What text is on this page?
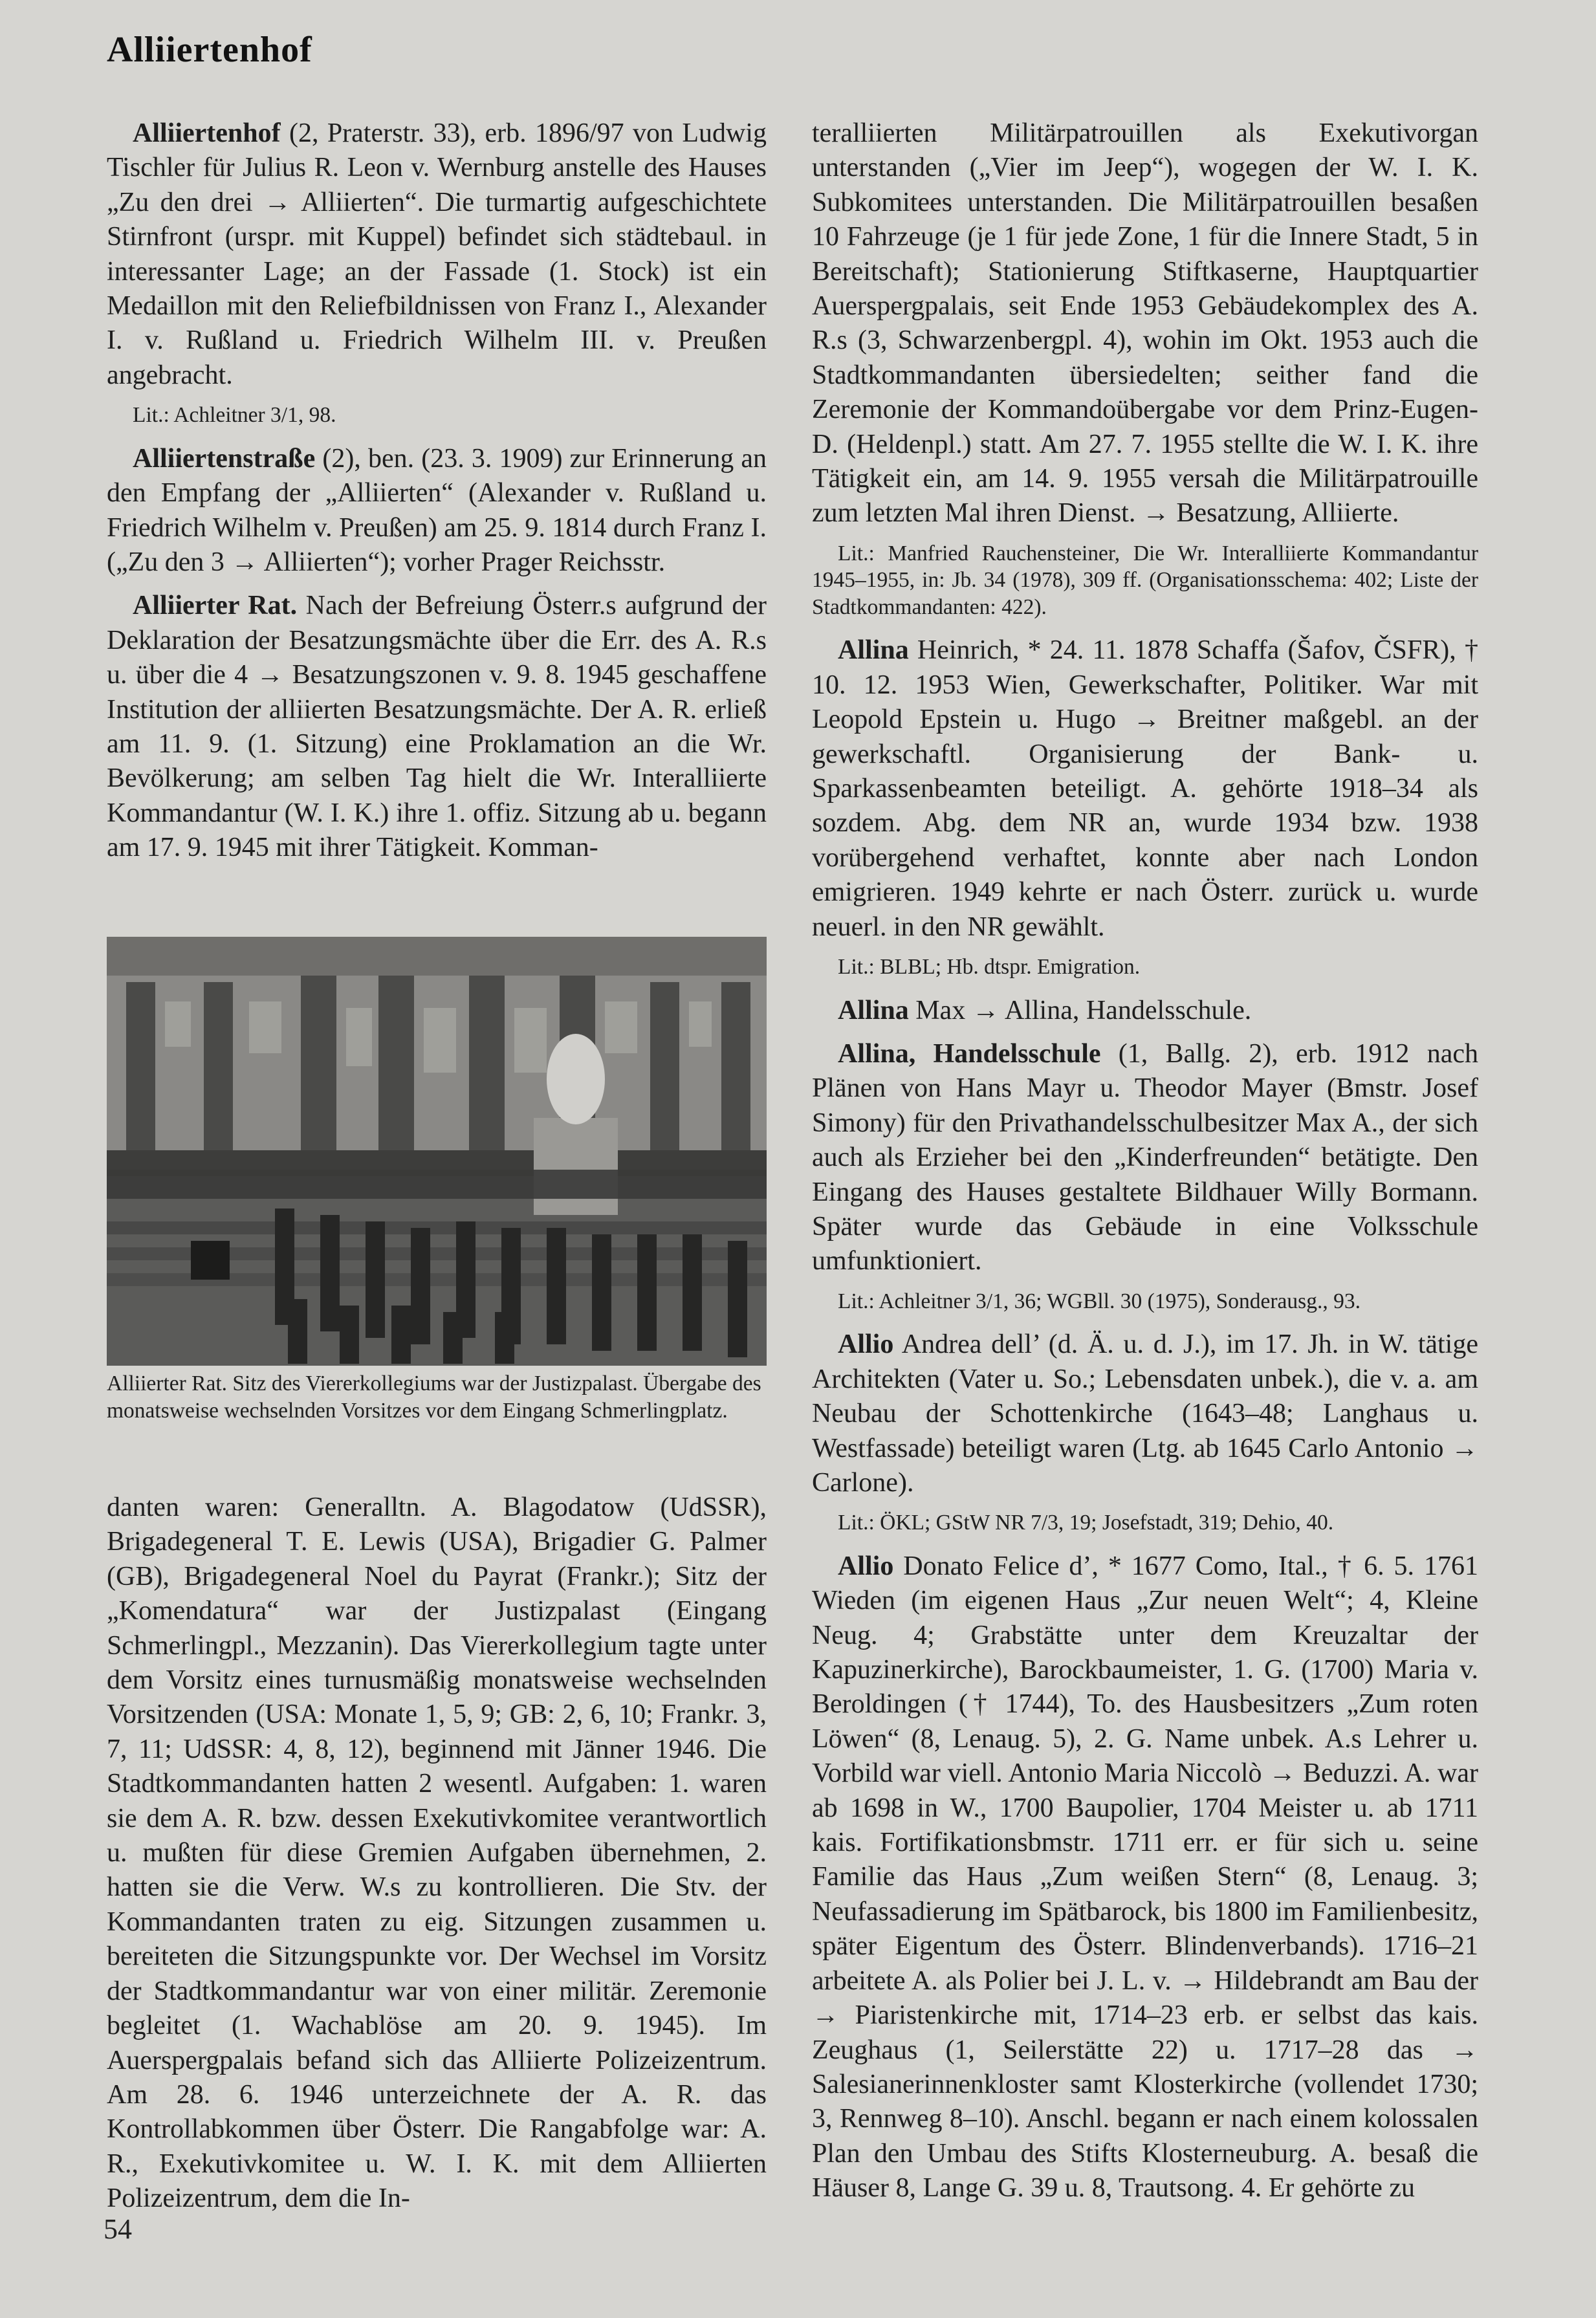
Alliiertenhof

Alliiertenhof (2, Praterstr. 33), erb. 1896/97 von Ludwig Tischler für Julius R. Leon v. Wernburg anstelle des Hauses „Zu den drei → Alliierten“. Die turmartig aufgeschichtete Stirnfront (urspr. mit Kuppel) befindet sich städtebaul. in interessanter Lage; an der Fassade (1. Stock) ist ein Medaillon mit den Reliefbildnissen von Franz I., Alexander I. v. Rußland u. Friedrich Wilhelm III. v. Preußen angebracht.

Lit.: Achleitner 3/1, 98.

Alliiertenstraße (2), ben. (23. 3. 1909) zur Erinnerung an den Empfang der „Alliierten“ (Alexander v. Rußland u. Friedrich Wilhelm v. Preußen) am 25. 9. 1814 durch Franz I. („Zu den 3 → Alliierten“); vorher Prager Reichsstr.

Alliierter Rat. Nach der Befreiung Österr.s aufgrund der Deklaration der Besatzungsmächte über die Err. des A. R.s u. über die 4 → Besatzungszonen v. 9. 8. 1945 geschaffene Institution der alliierten Besatzungsmächte. Der A. R. erließ am 11. 9. (1. Sitzung) eine Proklamation an die Wr. Bevölkerung; am selben Tag hielt die Wr. Interalliierte Kommandantur (W. I. K.) ihre 1. offiz. Sitzung ab u. begann am 17. 9. 1945 mit ihrer Tätigkeit. Komman-

Alliierter Rat. Sitz des Viererkollegiums war der Justizpalast. Übergabe des monatsweise wechselnden Vorsitzes vor dem Eingang Schmerlingplatz.

danten waren: Generalltn. A. Blagodatow (UdSSR), Brigadegeneral T. E. Lewis (USA), Brigadier G. Palmer (GB), Brigadegeneral Noel du Payrat (Frankr.); Sitz der „Komendatura“ war der Justizpalast (Eingang Schmerlingpl., Mezzanin). Das Viererkollegium tagte unter dem Vorsitz eines turnusmäßig monatsweise wechselnden Vorsitzenden (USA: Monate 1, 5, 9; GB: 2, 6, 10; Frankr. 3, 7, 11; UdSSR: 4, 8, 12), beginnend mit Jänner 1946. Die Stadtkommandanten hatten 2 wesentl. Aufgaben: 1. waren sie dem A. R. bzw. dessen Exekutivkomitee verantwortlich u. mußten für diese Gremien Aufgaben übernehmen, 2. hatten sie die Verw. W.s zu kontrollieren. Die Stv. der Kommandanten traten zu eig. Sitzungen zusammen u. bereiteten die Sitzungspunkte vor. Der Wechsel im Vorsitz der Stadtkommandantur war von einer militär. Zeremonie begleitet (1. Wachablöse am 20. 9. 1945). Im Auerspergpalais befand sich das Alliierte Polizeizentrum. Am 28. 6. 1946 unterzeichnete der A. R. das Kontrollabkommen über Österr. Die Rangabfolge war: A. R., Exekutivkomitee u. W. I. K. mit dem Alliierten Polizeizentrum, dem die In-

teralliierten Militärpatrouillen als Exekutivorgan unterstanden („Vier im Jeep“), wogegen der W. I. K. Subkomitees unterstanden. Die Militärpatrouillen besaßen 10 Fahrzeuge (je 1 für jede Zone, 1 für die Innere Stadt, 5 in Bereitschaft); Stationierung Stiftkaserne, Hauptquartier Auerspergpalais, seit Ende 1953 Gebäudekomplex des A. R.s (3, Schwarzenbergpl. 4), wohin im Okt. 1953 auch die Stadtkommandanten übersiedelten; seither fand die Zeremonie der Kommandoübergabe vor dem Prinz-Eugen-D. (Heldenpl.) statt. Am 27. 7. 1955 stellte die W. I. K. ihre Tätigkeit ein, am 14. 9. 1955 versah die Militärpatrouille zum letzten Mal ihren Dienst. → Besatzung, Alliierte.

Lit.: Manfried Rauchensteiner, Die Wr. Interalliierte Kommandantur 1945–1955, in: Jb. 34 (1978), 309 ff. (Organisationsschema: 402; Liste der Stadtkommandanten: 422).

Allina Heinrich, * 24. 11. 1878 Schaffa (Šafov, ČSFR), † 10. 12. 1953 Wien, Gewerkschafter, Politiker. War mit Leopold Epstein u. Hugo → Breitner maßgebl. an der gewerkschaftl. Organisierung der Bank- u. Sparkassenbeamten beteiligt. A. gehörte 1918–34 als sozdem. Abg. dem NR an, wurde 1934 bzw. 1938 vorübergehend verhaftet, konnte aber nach London emigrieren. 1949 kehrte er nach Österr. zurück u. wurde neuerl. in den NR gewählt.

Lit.: BLBL; Hb. dtspr. Emigration.

Allina Max → Allina, Handelsschule.

Allina, Handelsschule (1, Ballg. 2), erb. 1912 nach Plänen von Hans Mayr u. Theodor Mayer (Bmstr. Josef Simony) für den Privathandelsschulbesitzer Max A., der sich auch als Erzieher bei den „Kinderfreunden“ betätigte. Den Eingang des Hauses gestaltete Bildhauer Willy Bormann. Später wurde das Gebäude in eine Volksschule umfunktioniert.

Lit.: Achleitner 3/1, 36; WGBll. 30 (1975), Sonderausg., 93.

Allio Andrea dell’ (d. Ä. u. d. J.), im 17. Jh. in W. tätige Architekten (Vater u. So.; Lebensdaten unbek.), die v. a. am Neubau der Schottenkirche (1643–48; Langhaus u. Westfassade) beteiligt waren (Ltg. ab 1645 Carlo Antonio → Carlone).

Lit.: ÖKL; GStW NR 7/3, 19; Josefstadt, 319; Dehio, 40.

Allio Donato Felice d’, * 1677 Como, Ital., † 6. 5. 1761 Wieden (im eigenen Haus „Zur neuen Welt“; 4, Kleine Neug. 4; Grabstätte unter dem Kreuzaltar der Kapuzinerkirche), Barockbaumeister, 1. G. (1700) Maria v. Beroldingen († 1744), To. des Hausbesitzers „Zum roten Löwen“ (8, Lenaug. 5), 2. G. Name unbek. A.s Lehrer u. Vorbild war viell. Antonio Maria Niccolò → Beduzzi. A. war ab 1698 in W., 1700 Baupolier, 1704 Meister u. ab 1711 kais. Fortifikationsbmstr. 1711 err. er für sich u. seine Familie das Haus „Zum weißen Stern“ (8, Lenaug. 3; Neufassadierung im Spätbarock, bis 1800 im Familienbesitz, später Eigentum des Österr. Blindenverbands). 1716–21 arbeitete A. als Polier bei J. L. v. → Hildebrandt am Bau der → Piaristenkirche mit, 1714–23 erb. er selbst das kais. Zeughaus (1, Seilerstätte 22) u. 1717–28 das → Salesianerinnenkloster samt Klosterkirche (vollendet 1730; 3, Rennweg 8–10). Anschl. begann er nach einem kolossalen Plan den Umbau des Stifts Klosterneuburg. A. besaß die Häuser 8, Lange G. 39 u. 8, Trautsong. 4. Er gehörte zu

54
